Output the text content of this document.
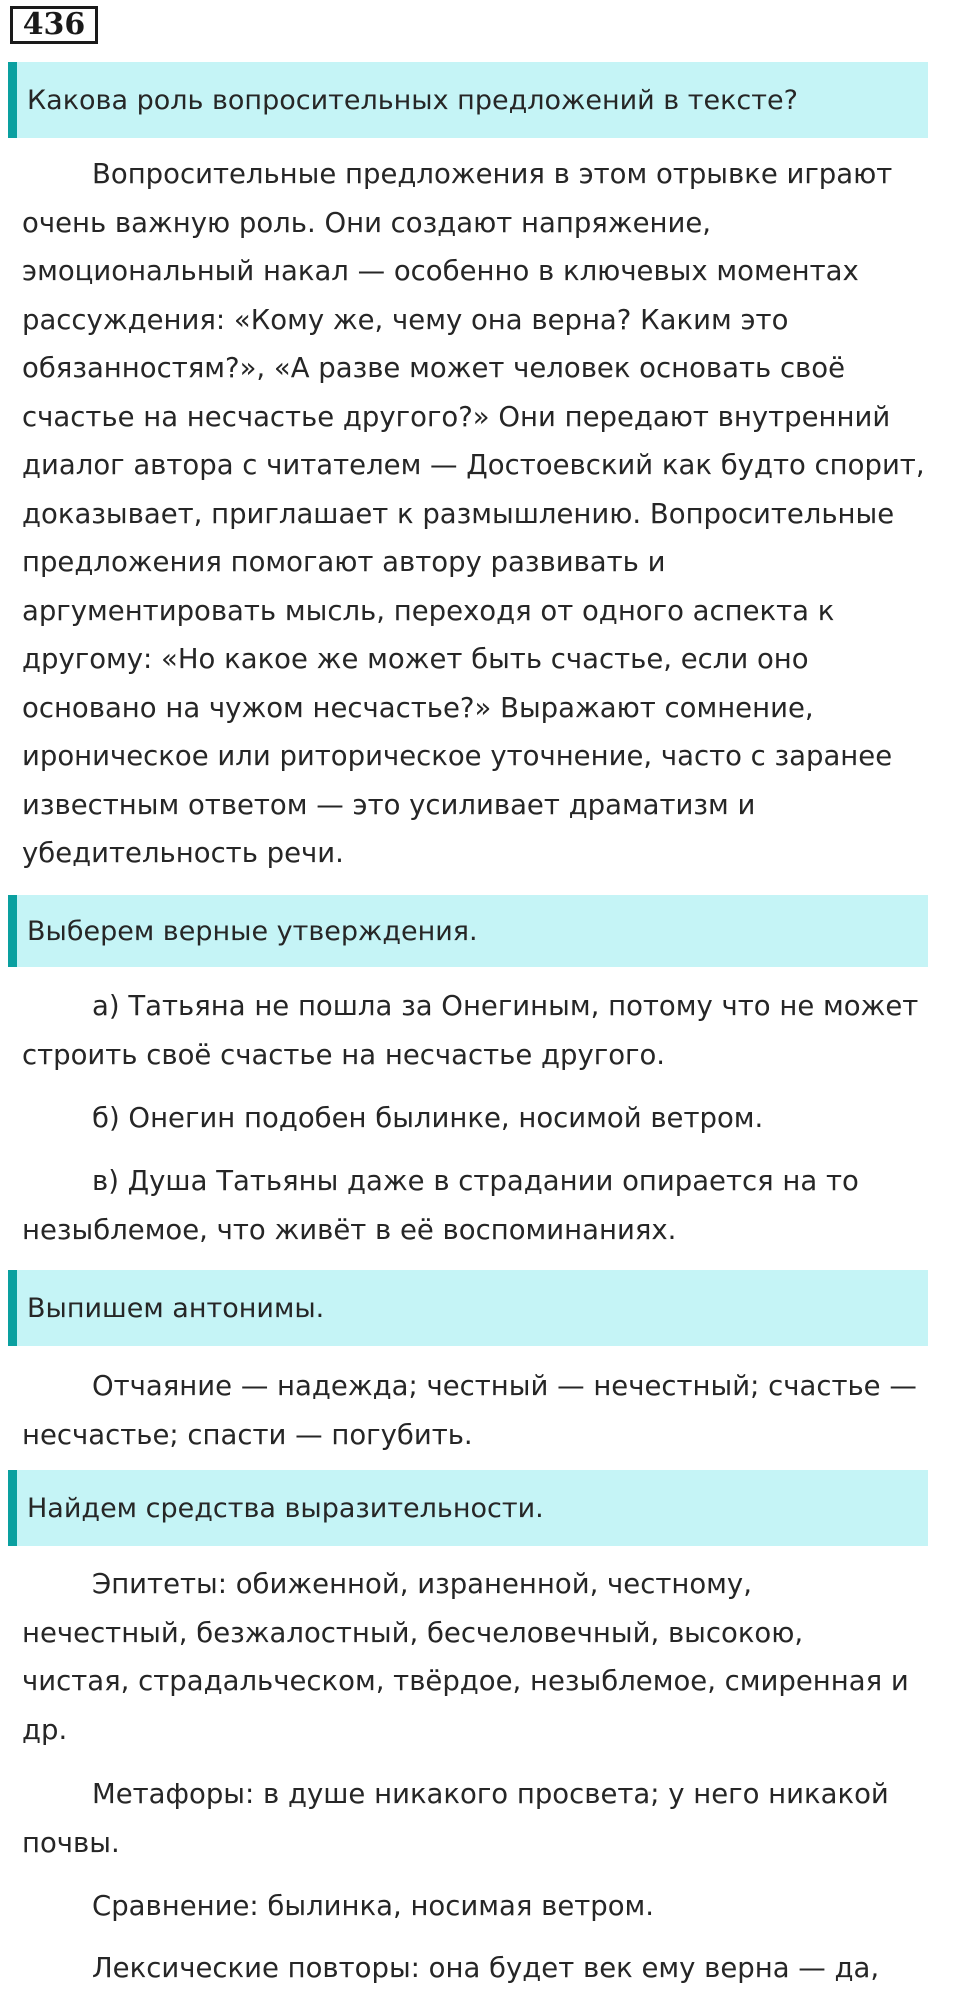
436
Какова роль вопросительных предложений в тексте?
Вопросительные предложения в этом отрывке играют
очень важную роль. Они создают напряжение,
эмоциональный накал — особенно в ключевых моментах
рассуждения: «Кому же, чему она верна? Каким это
обязанностям?», «А разве может человек основать своё
счастье на несчастье другого?» Они передают внутренний
диалог автора с читателем — Достоевский как будто спорит,
доказывает, приглашает к размышлению. Вопросительные
предложения помогают автору развивать и
аргументировать мысль, переходя от одного аспекта к
другому: «Но какое же может быть счастье, если оно
основано на чужом несчастье?» Выражают сомнение,
ироническое или риторическое уточнение, часто с заранее
известным ответом — это усиливает драматизм и
убедительность речи.
Выберем верные утверждения.
а) Татьяна не пошла за Онегиным, потому что не может
строить своё счастье на несчастье другого.
б) Онегин подобен былинке, носимой ветром.
в) Душа Татьяны даже в страдании опирается на то
незыблемое, что живёт в её воспоминаниях.
Выпишем антонимы.
Отчаяние — надежда; честный — нечестный; счастье —
несчастье; спасти — погубить.
Найдем средства выразительности.
Эпитеты: обиженной, израненной, честному,
нечестный, безжалостный, бесчеловечный, высокою,
чистая, страдальческом, твёрдое, незыблемое, смиренная и
др.
Метафоры: в душе никакого просвета; у него никакой
почвы.
Сравнение: былинка, носимая ветром.
Лексические повторы: она будет век ему верна — да,
